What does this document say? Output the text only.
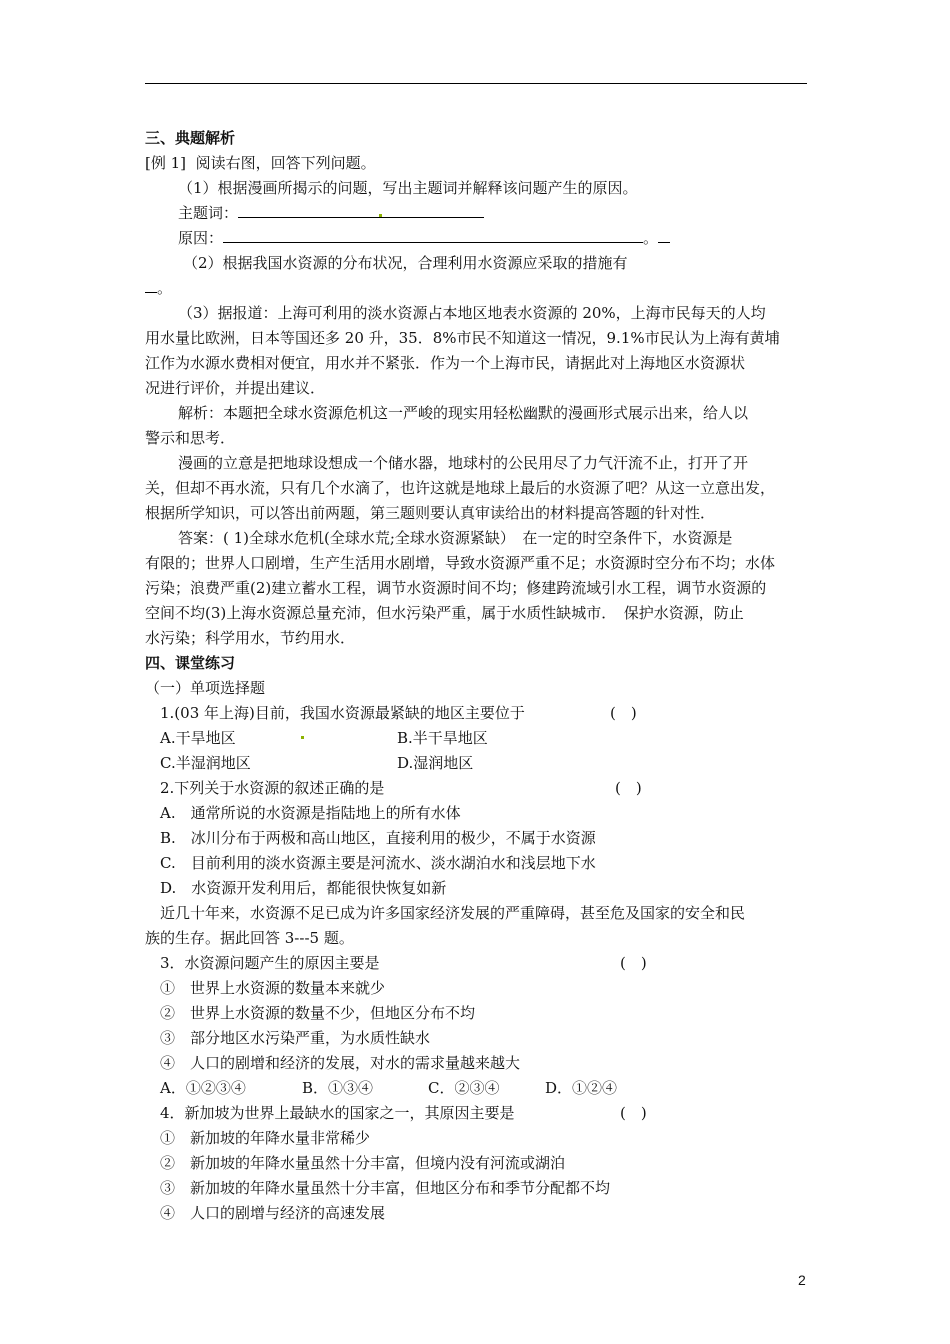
三、典题解析
[例 1] 阅读右图，回答下列问题。
（1）根据漫画所揭示的问题，写出主题词并解释该问题产生的原因。
主题词：
原因：	。
（2）根据我国水资源的分布状况，合理利用水资源应采取的措施有
。
（3）据报道：上海可利用的淡水资源占本地区地表水资源的 20%，上海市民每天的人均
用水量比欧洲，日本等国还多 20 升，35．8%市民不知道这一情况，9.1%市民认为上海有黄埔
江作为水源水费相对便宜，用水并不紧张．作为一个上海市民，请据此对上海地区水资源状
况进行评价，并提出建议．
解析：本题把全球水资源危机这一严峻的现实用轻松幽默的漫画形式展示出来，给人以
警示和思考．
漫画的立意是把地球设想成一个储水器，地球村的公民用尽了力气汗流不止，打开了开
关，但却不再水流，只有几个水滴了，也许这就是地球上最后的水资源了吧？从这一立意出发，
根据所学知识，可以答出前两题，第三题则要认真审读给出的材料提高答题的针对性．
答案：( 1)全球水危机(全球水荒;全球水资源紧缺）　在一定的时空条件下，水资源是
有限的；世界人口剧增，生产生活用水剧增，导致水资源严重不足；水资源时空分布不均；水体
污染；浪费严重(2)建立蓄水工程，调节水资源时间不均；修建跨流域引水工程，调节水资源的
空间不均(3)上海水资源总量充沛，但水污染严重，属于水质性缺城市．　保护水资源，防止
水污染；科学用水，节约用水．
四、课堂练习
（一）单项选择题
1.(03 年上海)目前，我国水资源最紧缺的地区主要位于	(　)
A.干旱地区	B.半干旱地区
C.半湿润地区	D.湿润地区
2.下列关于水资源的叙述正确的是	(　)
A.　通常所说的水资源是指陆地上的所有水体
B.　冰川分布于两极和高山地区，直接利用的极少，不属于水资源
C.　目前利用的淡水资源主要是河流水、淡水湖泊水和浅层地下水
D.　水资源开发利用后，都能很快恢复如新
近几十年来，水资源不足已成为许多国家经济发展的严重障碍，甚至危及国家的安全和民
族的生存。据此回答 3---5 题。
3．水资源问题产生的原因主要是	(　)
①　世界上水资源的数量本来就少
②　世界上水资源的数量不少，但地区分布不均
③　部分地区水污染严重，为水质性缺水
④　人口的剧增和经济的发展，对水的需求量越来越大
A．①②③④	B．①③④	C．②③④	D．①②④
4．新加坡为世界上最缺水的国家之一，其原因主要是	(　)
①　新加坡的年降水量非常稀少
②　新加坡的年降水量虽然十分丰富，但境内没有河流或湖泊
③　新加坡的年降水量虽然十分丰富，但地区分布和季节分配都不均
④　人口的剧增与经济的高速发展
2
